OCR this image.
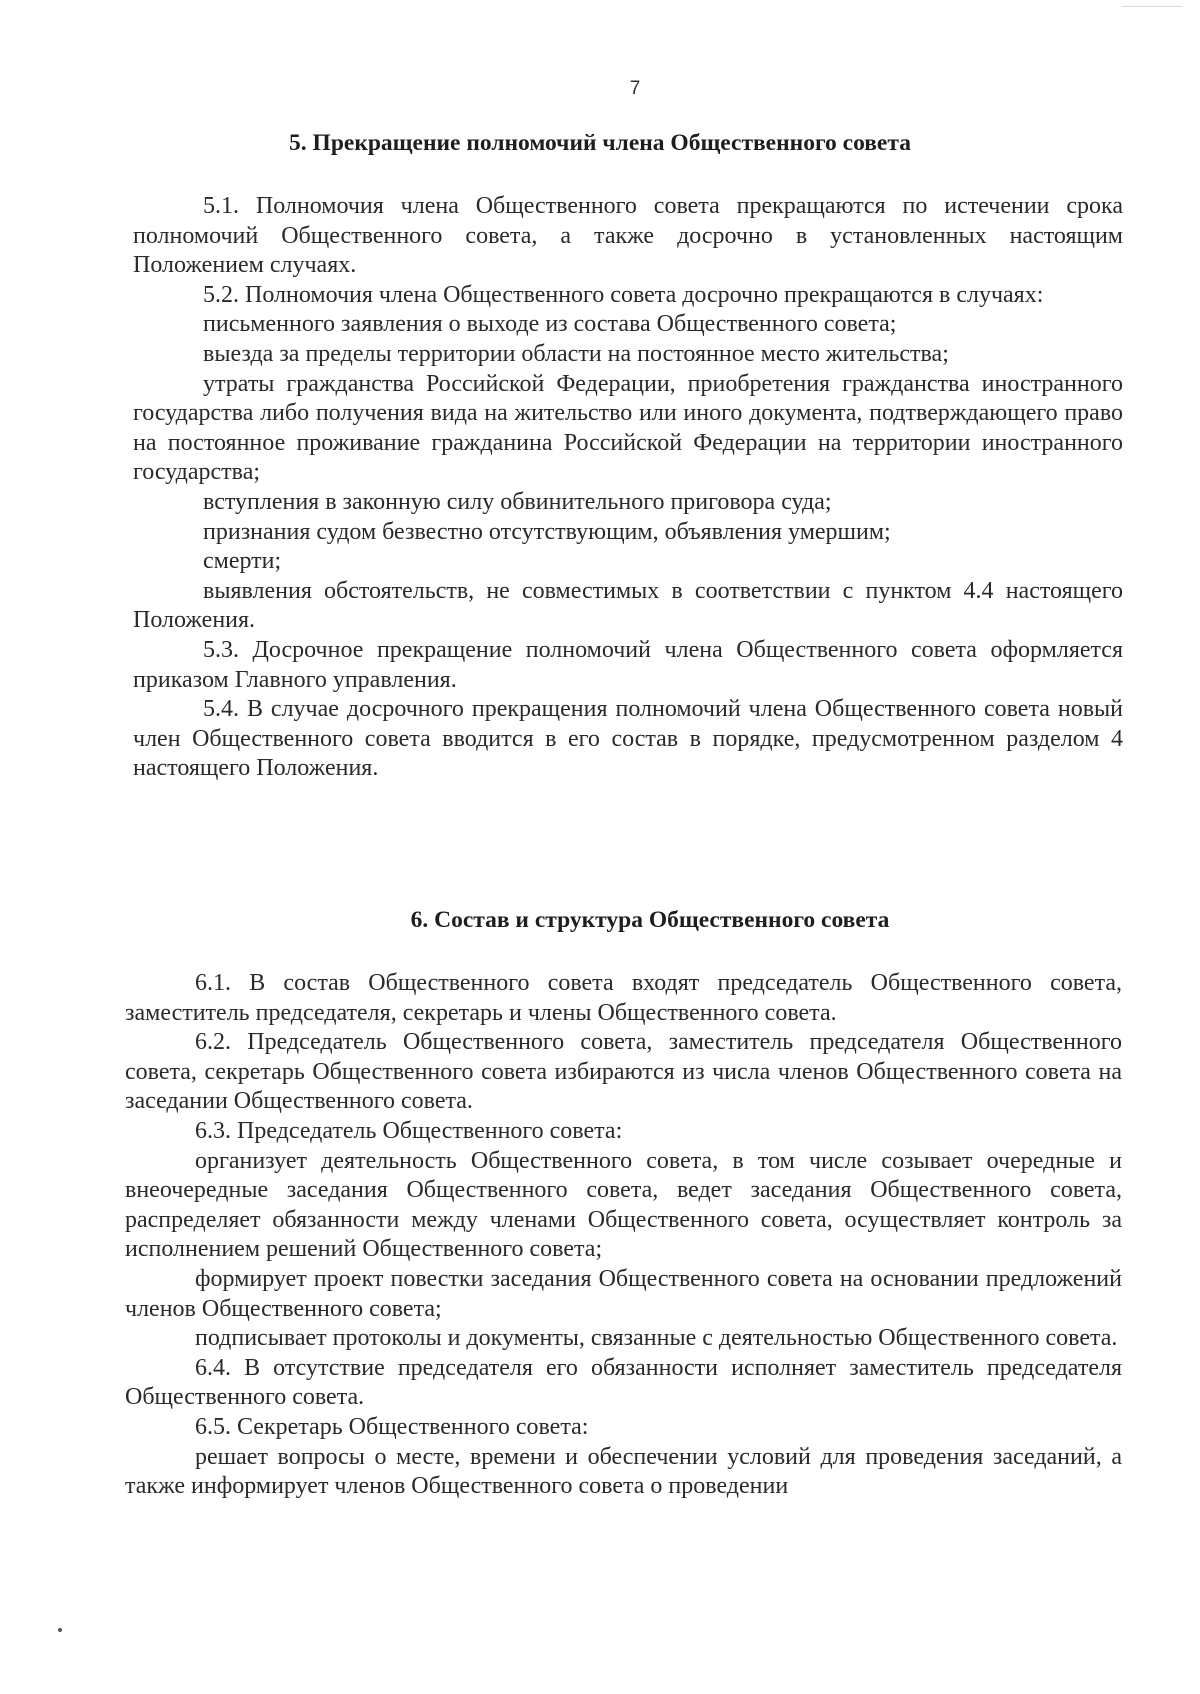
7
5. Прекращение полномочий члена Общественного совета

5.1. Полномочия члена Общественного совета прекращаются по истечении срока полномочий Общественного совета, а также досрочно в установленных настоящим Положением случаях.

5.2. Полномочия члена Общественного совета досрочно прекращаются в случаях:

письменного заявления о выходе из состава Общественного совета;

выезда за пределы территории области на постоянное место жительства;

утраты гражданства Российской Федерации, приобретения гражданства иностранного государства либо получения вида на жительство или иного документа, подтверждающего право на постоянное проживание гражданина Российской Федерации на территории иностранного государства;

вступления в законную силу обвинительного приговора суда;

признания судом безвестно отсутствующим, объявления умершим;

смерти;

выявления обстоятельств, не совместимых в соответствии с пунктом 4.4 настоящего Положения.

5.3. Досрочное прекращение полномочий члена Общественного совета оформляется приказом Главного управления.

5.4. В случае досрочного прекращения полномочий члена Общественного совета новый член Общественного совета вводится в его состав в порядке, предусмотренном разделом 4 настоящего Положения.

6. Состав и структура Общественного совета

6.1. В состав Общественного совета входят председатель Общественного совета, заместитель председателя, секретарь и члены Общественного совета.

6.2. Председатель Общественного совета, заместитель председателя Общественного совета, секретарь Общественного совета избираются из числа членов Общественного совета на заседании Общественного совета.

6.3. Председатель Общественного совета:

организует деятельность Общественного совета, в том числе созывает очередные и внеочередные заседания Общественного совета, ведет заседания Общественного совета, распределяет обязанности между членами Общественного совета, осуществляет контроль за исполнением решений Общественного совета;

формирует проект повестки заседания Общественного совета на основании предложений членов Общественного совета;

подписывает протоколы и документы, связанные с деятельностью Общественного совета.

6.4. В отсутствие председателя его обязанности исполняет заместитель председателя Общественного совета.

6.5. Секретарь Общественного совета:

решает вопросы о месте, времени и обеспечении условий для проведения заседаний, а также информирует членов Общественного совета о проведении
